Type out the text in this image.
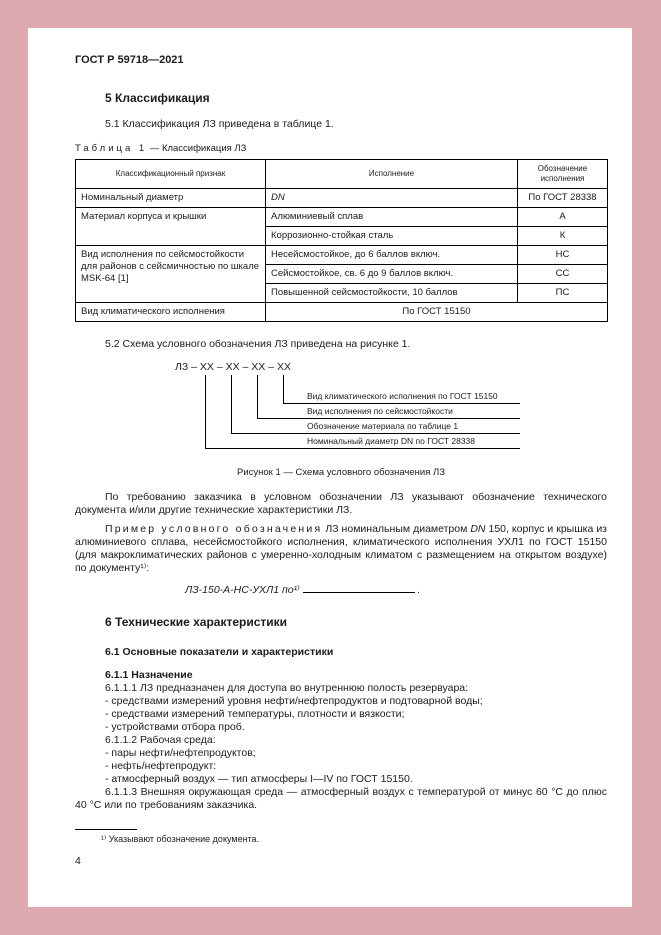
ГОСТ Р 59718—2021
5 Классификация

5.1 Классификация ЛЗ приведена в таблице 1.

Таблица 1 — Классификация ЛЗ
Классификационный признак	Исполнение	Обозначение исполнения
Номинальный диаметр	DN	По ГОСТ 28338
Материал корпуса и крышки	Алюминиевый сплав	А
	Коррозионно-стойкая сталь	К
Вид исполнения по сейсмостойкости для районов с сейсмичностью по шкале MSK-64 [1]	Несейсмостойкое, до 6 баллов включ.	НС
	Сейсмостойкое, св. 6 до 9 баллов включ.	СС
	Повышенной сейсмостойкости, 10 баллов	ПС
Вид климатического исполнения	По ГОСТ 15150	

5.2 Схема условного обозначения ЛЗ приведена на рисунке 1.

ЛЗ – ХХ – ХХ – ХХ – ХХ
Вид климатического исполнения по ГОСТ 15150
Вид исполнения по сейсмостойкости
Обозначение материала по таблице 1
Номинальный диаметр DN по ГОСТ 28338
Рисунок 1 — Схема условного обозначения ЛЗ

По требованию заказчика в условном обозначении ЛЗ указывают обозначение технического документа и/или другие технические характеристики ЛЗ.

Пример условного обозначения ЛЗ номинальным диаметром DN 150, корпус и крышка из алюминиевого сплава, несейсмостойкого исполнения, климатического исполнения УХЛ1 по ГОСТ 15150 (для макроклиматических районов с умеренно-холодным климатом с размещением на открытом воздухе) по документу¹⁾:

ЛЗ-150-А-НС-УХЛ1 по¹⁾	.
6 Технические характеристики

6.1 Основные показатели и характеристики

6.1.1 Назначение

6.1.1.1 ЛЗ предназначен для доступа во внутреннюю полость резервуара:

- средствами измерений уровня нефти/нефтепродуктов и подтоварной воды;

- средствами измерений температуры, плотности и вязкости;

- устройствами отбора проб.

6.1.1.2 Рабочая среда:

- пары нефти/нефтепродуктов;

- нефть/нефтепродукт:

- атмосферный воздух — тип атмосферы I—IV по ГОСТ 15150.

6.1.1.3 Внешняя окружающая среда — атмосферный воздух с температурой от минус 60 °С до плюс 40 °С или по требованиям заказчика.

¹⁾ Указывают обозначение документа.
4
